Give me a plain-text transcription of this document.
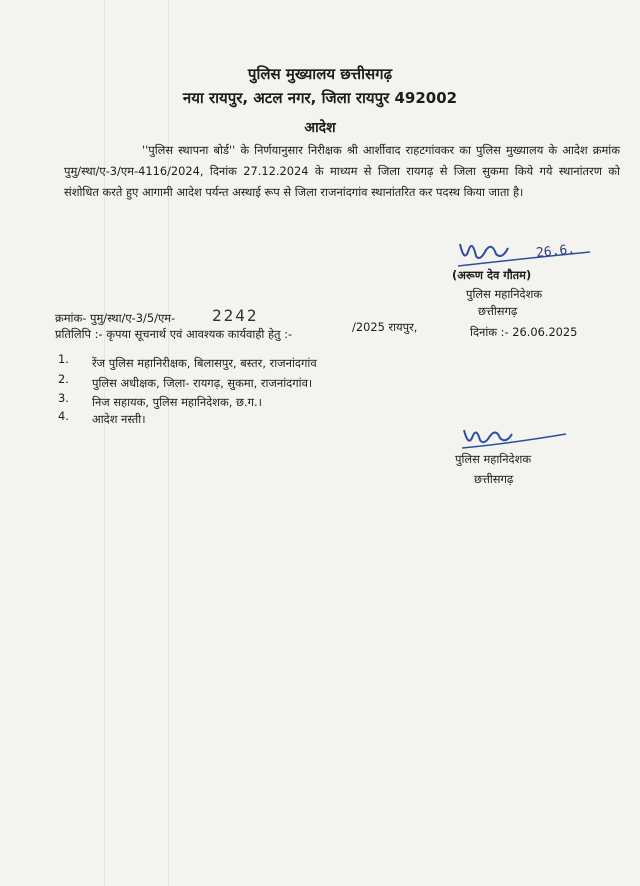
पुलिस मुख्यालय छत्तीसगढ़
नया रायपुर, अटल नगर, जिला रायपुर 492002
आदेश
''पुलिस स्थापना बोर्ड'' के निर्णयानुसार निरीक्षक श्री आर्शीवाद राहटगांवकर का पुलिस मुख्यालय के आदेश क्रमांक पुमु/स्था/ए-3/एम-4116/2024, दिनांक 27.12.2024 के माध्यम से जिला रायगढ़ से जिला सुकमा किये गये स्थानांतरण को संशोधित करते हुए आगामी आदेश पर्यन्त अस्थाई रूप से जिला राजनांदगांव स्थानांतरित कर पदस्थ किया जाता है।
ꝺꝺe
26.6.
(अरूण देव गौतम)
पुलिस महानिदेशक
छत्तीसगढ़
क्रमांक- पुमु/स्था/ए-3/5/एम- 2242
/2025 रायपुर,	दिनांक :- 26.06.2025
प्रतिलिपि :- कृपया सूचनार्थ एवं आवश्यक कार्यवाही हेतु :-
1. रेंज पुलिस महानिरीक्षक, बिलासपुर, बस्तर, राजनांदगांव
2. पुलिस अधीक्षक, जिला- रायगढ़, सुकमा, राजनांदगांव।
3. निज सहायक, पुलिस महानिदेशक, छ.ग.।
4. आदेश नस्ती।	ꝺꝺe
पुलिस महानिदेशक
छत्तीसगढ़
